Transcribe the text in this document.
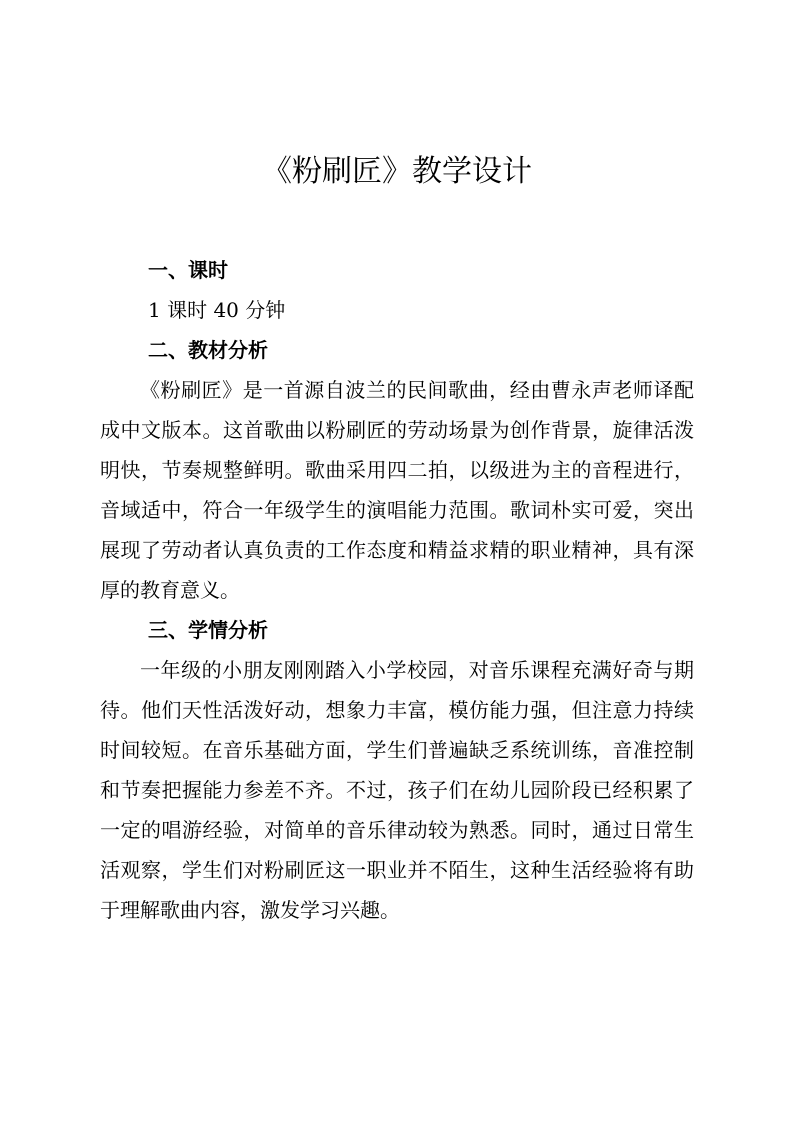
《粉刷匠》教学设计

一、课时

1 课时 40 分钟

二、教材分析

《粉刷匠》是一首源自波兰的民间歌曲，经由曹永声老师译配成中文版本。这首歌曲以粉刷匠的劳动场景为创作背景，旋律活泼明快，节奏规整鲜明。歌曲采用四二拍，以级进为主的音程进行，音域适中，符合一年级学生的演唱能力范围。歌词朴实可爱，突出展现了劳动者认真负责的工作态度和精益求精的职业精神，具有深厚的教育意义。

三、学情分析

一年级的小朋友刚刚踏入小学校园，对音乐课程充满好奇与期待。他们天性活泼好动，想象力丰富，模仿能力强，但注意力持续时间较短。在音乐基础方面，学生们普遍缺乏系统训练，音准控制和节奏把握能力参差不齐。不过，孩子们在幼儿园阶段已经积累了一定的唱游经验，对简单的音乐律动较为熟悉。同时，通过日常生活观察，学生们对粉刷匠这一职业并不陌生，这种生活经验将有助于理解歌曲内容，激发学习兴趣。
